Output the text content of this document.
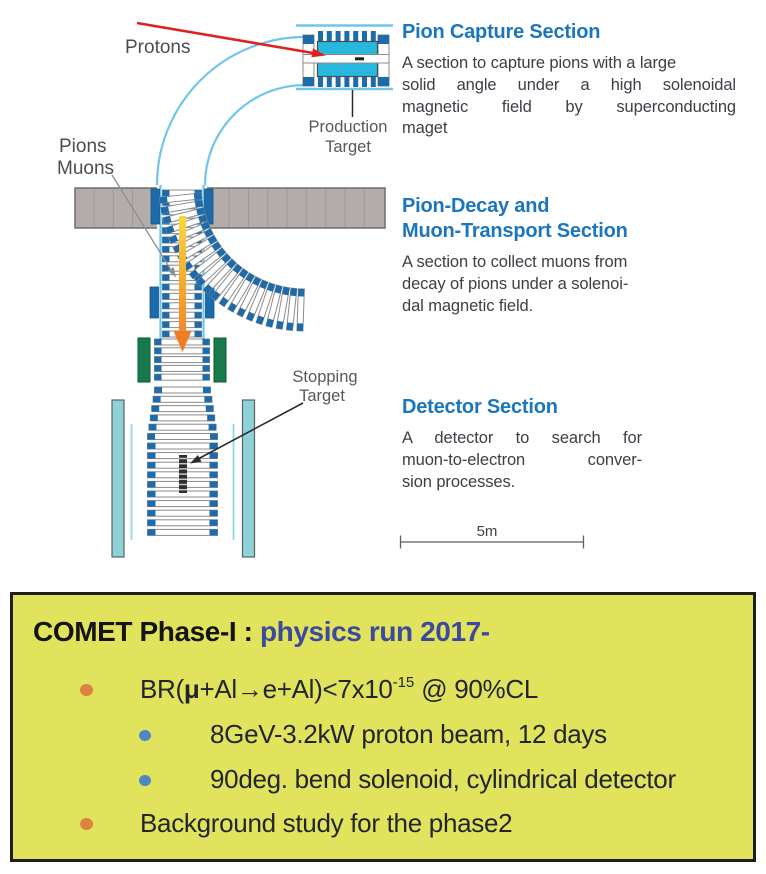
Protons
Pions
Muons
Production
Target
Stopping
Target
5m
Pion Capture Section
A section to capture pions with a large
solid angle under a high solenoidal
magnetic field by superconducting
maget
Pion-Decay and
Muon-Transport Section
A section to collect muons from
decay of pions under a solenoi-
dal magnetic field.
Detector Section
A detector to search for
muon-to-electron conver-
sion processes.
COMET Phase-I : physics run 2017-
$BR(\mu+Al\to e+Al)<7x10^{-15}$ @ 90%CL
8GeV-3.2kW proton beam, 12 days
90deg. bend solenoid, cylindrical detector
Background study for the phase2
